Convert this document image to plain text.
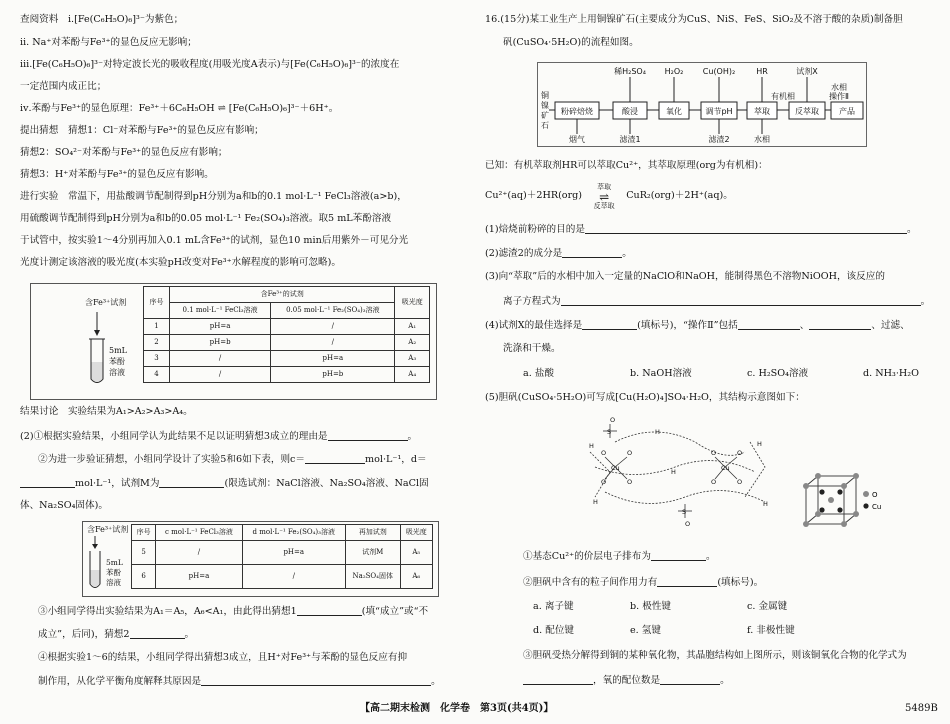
查阅资料　ⅰ.[Fe(C₆H₅O)₆]³⁻为紫色；
ⅱ. Na⁺对苯酚与Fe³⁺的显色反应无影响；
ⅲ.[Fe(C₆H₅O)₆]³⁻对特定波长光的吸收程度(用吸光度A表示)与[Fe(C₆H₅O)₆]³⁻的浓度在
一定范围内成正比；
ⅳ.苯酚与Fe³⁺的显色原理：Fe³⁺＋6C₆H₅OH ⇌ [Fe(C₆H₅O)₆]³⁻＋6H⁺。
提出猜想　猜想1：Cl⁻对苯酚与Fe³⁺的显色反应有影响；
猜想2：SO₄²⁻对苯酚与Fe³⁺的显色反应有影响；
猜想3：H⁺对苯酚与Fe³⁺的显色反应有影响。
进行实验　常温下，用盐酸调节配制得到pH分别为a和b的0.1 mol·L⁻¹ FeCl₃溶液(a>b)，
用硫酸调节配制得到pH分别为a和b的0.05 mol·L⁻¹ Fe₂(SO₄)₃溶液。取5 mL苯酚溶液
于试管中，按实验1～4分别再加入0.1 mL含Fe³⁺的试剂，显色10 min后用紫外－可见分光
光度计测定该溶液的吸光度(本实验pH改变对Fe³⁺水解程度的影响可忽略)。
含Fe³⁺试剂
5mL
苯酚
溶液
序号	含Fe³⁺的试剂		吸光度
	0.1 mol·L⁻¹ FeCl₃溶液	0.05 mol·L⁻¹ Fe₂(SO₄)₃溶液	
1	pH=a	/	A₁
2	pH=b	/	A₂
3	/	pH=a	A₃
4	/	pH=b	A₄
结果讨论　实验结果为A₁>A₂>A₃>A₄。
(2)①根据实验结果，小组同学认为此结果不足以证明猜想3成立的理由是	。
②为进一步验证猜想，小组同学设计了实验5和6如下表，则c＝	mol·L⁻¹，d＝
mol·L⁻¹，试剂M为	(限选试剂：NaCl溶液、Na₂SO₄溶液、NaCl固
体、Na₂SO₄固体)。
含Fe³⁺试剂
5mL
苯酚
溶液
序号	c mol·L⁻¹ FeCl₃溶液	d mol·L⁻¹ Fe₂(SO₄)₃溶液	再加试剂	吸光度
5	/	pH=a	试剂M	A₅
6	pH=a	/	Na₂SO₄固体	A₆
③小组同学得出实验结果为A₁＝A₅，A₆<A₁，由此得出猜想1	(填“成立”或“不
成立”，后同)，猜想2	。
④根据实验1～6的结果，小组同学得出猜想3成立，且H⁺对Fe³⁺与苯酚的显色反应有抑
制作用，从化学平衡角度解释其原因是	。
16.(15分)某工业生产上用铜镍矿石(主要成分为CuS、NiS、FeS、SiO₂及不溶于酸的杂质)制备胆
矾(CuSO₄·5H₂O)的流程如图。
铜
镍
矿
石
粉碎焙烧	酸浸	氧化	调节pH	萃取	反萃取	产品
稀H₂SO₄ H₂O₂ Cu(OH)₂	HR	试剂X
烟气	滤渣1	滤渣2	水相
有机相
水相
操作Ⅱ
已知：有机萃取剂HR可以萃取Cu²⁺，其萃取原理(org为有机相)：
Cu²⁺(aq)＋2HR(org)
萃取
⇌
反萃取
CuR₂(org)＋2H⁺(aq)。
(1)焙烧前粉碎的目的是	。
(2)滤渣2的成分是	。
(3)向“萃取”后的水相中加入一定量的NaClO和NaOH，能制得黑色不溶物NiOOH，该反应的
离子方程式为	。
(4)试剂X的最佳选择是	(填标号)，“操作Ⅱ”包括	、	、过滤、
洗涤和干燥。
a. 盐酸	b. NaOH溶液	c. H₂SO₄溶液	d. NH₃·H₂O
(5)胆矾(CuSO₄·5H₂O)可写成[Cu(H₂O)₄]SO₄·H₂O，其结构示意图如下：
Cu	Cu
S
S
O	O
O	O
O	O
O	O
O
O
H
H
H
H
H
H
O
Cu
①基态Cu²⁺的价层电子排布为	。
②胆矾中含有的粒子间作用力有	(填标号)。
a. 离子键	b. 极性键	c. 金属键
d. 配位键	e. 氢键	f. 非极性键
③胆矾受热分解得到铜的某种氧化物，其晶胞结构如上图所示，则该铜氧化合物的化学式为
，氧的配位数是	。
【高二期末检测　化学卷　第3页(共4页)】	5489B
